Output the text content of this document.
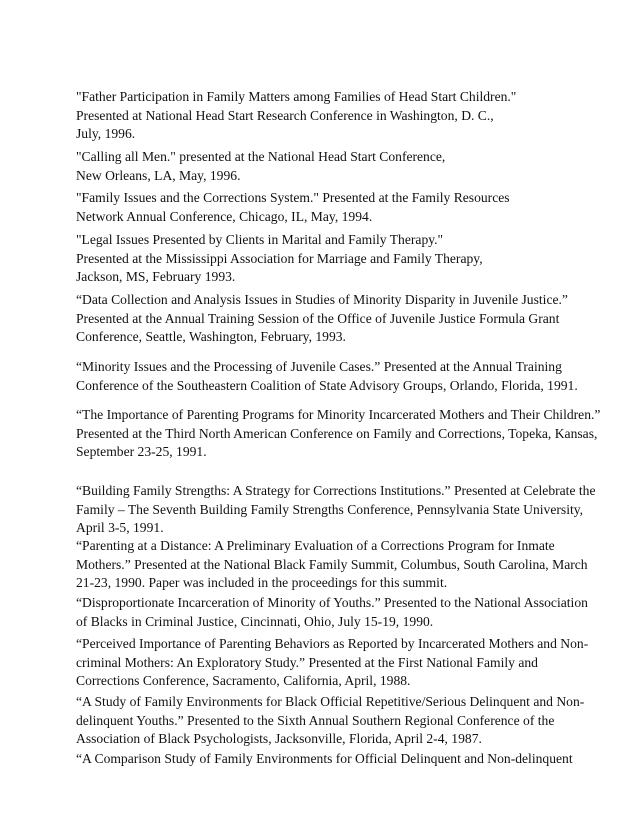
"Father Participation in Family Matters among Families of Head Start Children."
Presented at National Head Start Research Conference in Washington, D. C.,
July, 1996.
"Calling all Men." presented at the National Head Start Conference,
New Orleans, LA, May, 1996.
"Family Issues and the Corrections System." Presented at the Family Resources
Network Annual Conference, Chicago, IL, May, 1994.
"Legal Issues Presented by Clients in Marital and Family Therapy."
Presented at the Mississippi Association for Marriage and Family Therapy,
Jackson, MS, February 1993.
“Data Collection and Analysis Issues in Studies of Minority Disparity in Juvenile Justice.”
Presented at the Annual Training Session of the Office of Juvenile Justice Formula Grant
Conference, Seattle, Washington, February, 1993.
“Minority Issues and the Processing of Juvenile Cases.” Presented at the Annual Training
Conference of the Southeastern Coalition of State Advisory Groups, Orlando, Florida, 1991.
“The Importance of Parenting Programs for Minority Incarcerated Mothers and Their Children.”
Presented at the Third North American Conference on Family and Corrections, Topeka, Kansas,
September 23-25, 1991.
“Building Family Strengths: A Strategy for Corrections Institutions.” Presented at Celebrate the
Family – The Seventh Building Family Strengths Conference, Pennsylvania State University,
April 3-5, 1991.
“Parenting at a Distance: A Preliminary Evaluation of a Corrections Program for Inmate
Mothers.” Presented at the National Black Family Summit, Columbus, South Carolina, March
21-23, 1990. Paper was included in the proceedings for this summit.
“Disproportionate Incarceration of Minority of Youths.” Presented to the National Association
of Blacks in Criminal Justice, Cincinnati, Ohio, July 15-19, 1990.
“Perceived Importance of Parenting Behaviors as Reported by Incarcerated Mothers and Non-
criminal Mothers: An Exploratory Study.” Presented at the First National Family and
Corrections Conference, Sacramento, California, April, 1988.
“A Study of Family Environments for Black Official Repetitive/Serious Delinquent and Non-
delinquent Youths.” Presented to the Sixth Annual Southern Regional Conference of the
Association of Black Psychologists, Jacksonville, Florida, April 2-4, 1987.
“A Comparison Study of Family Environments for Official Delinquent and Non-delinquent
